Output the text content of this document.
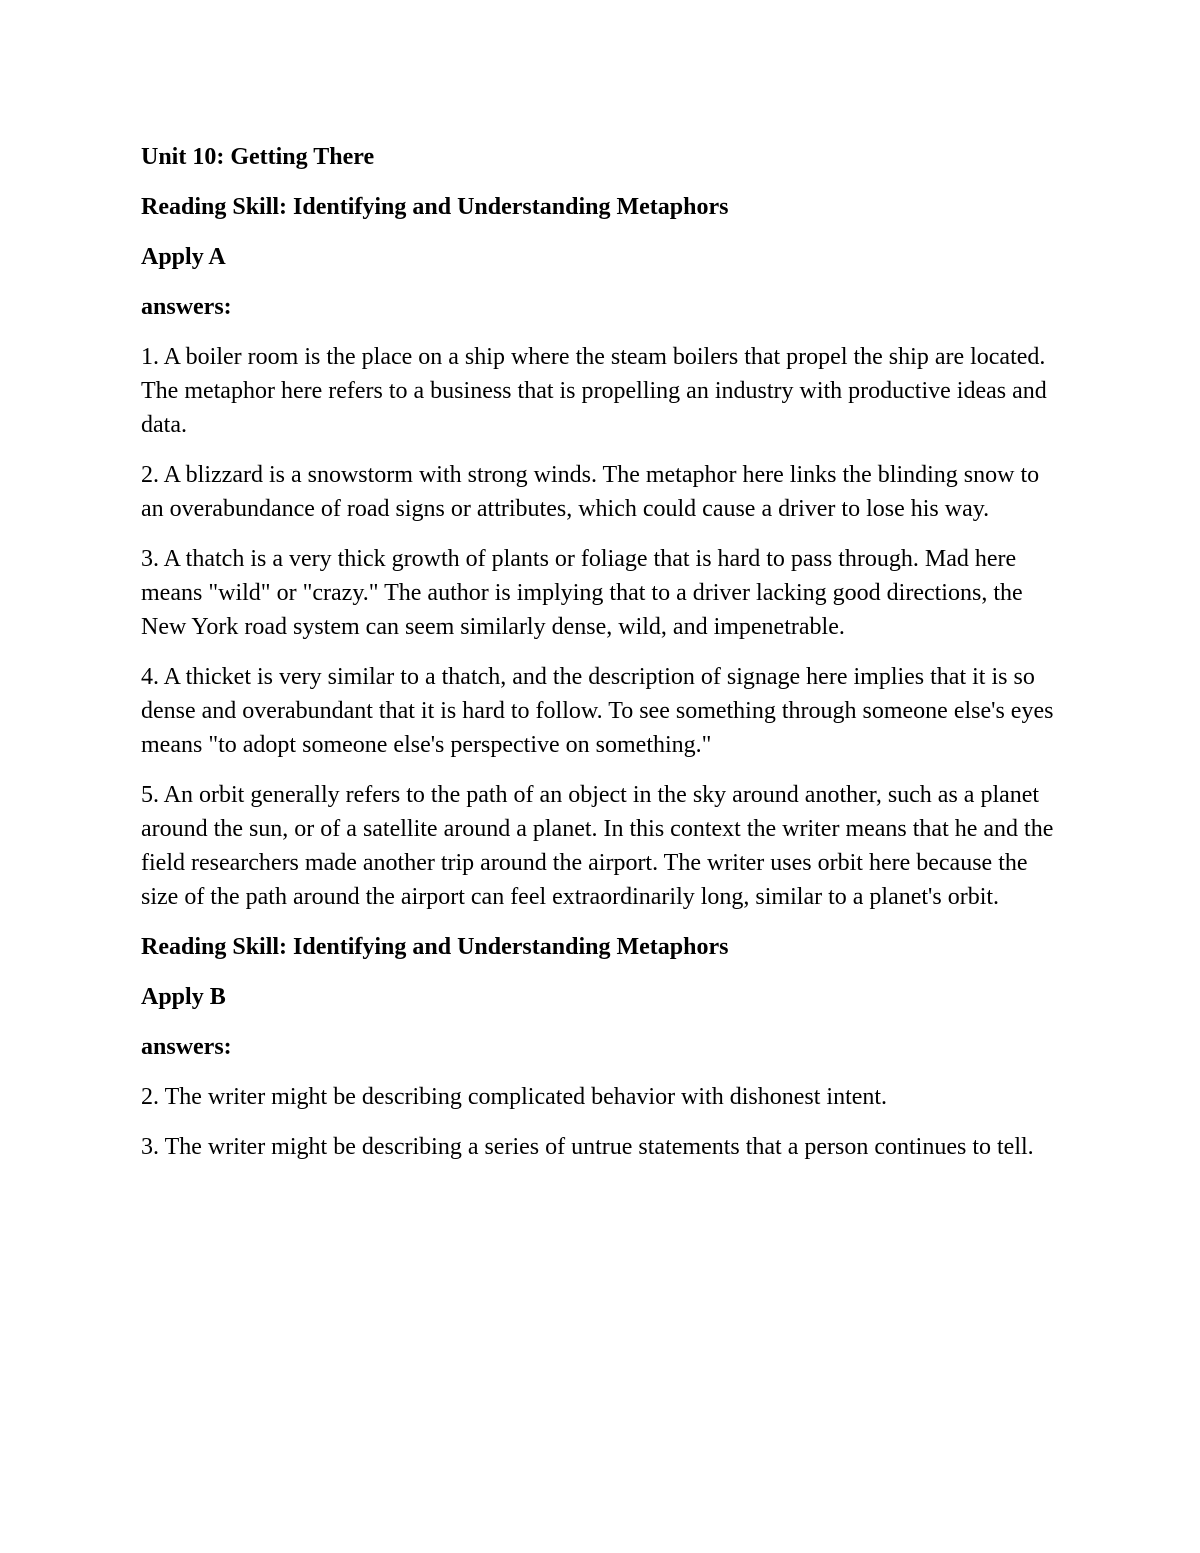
Unit 10: Getting There

Reading Skill: Identifying and Understanding Metaphors

Apply A

answers:

1. A boiler room is the place on a ship where the steam boilers that propel the ship are located. The metaphor here refers to a business that is propelling an industry with productive ideas and data.

2. A blizzard is a snowstorm with strong winds. The metaphor here links the blinding snow to an overabundance of road signs or attributes, which could cause a driver to lose his way.

3. A thatch is a very thick growth of plants or foliage that is hard to pass through. Mad here means "wild" or "crazy." The author is implying that to a driver lacking good directions, the New York road system can seem similarly dense, wild, and impenetrable.

4. A thicket is very similar to a thatch, and the description of signage here implies that it is so dense and overabundant that it is hard to follow. To see something through someone else's eyes means "to adopt someone else's perspective on something."

5. An orbit generally refers to the path of an object in the sky around another, such as a planet around the sun, or of a satellite around a planet. In this context the writer means that he and the field researchers made another trip around the airport. The writer uses orbit here because the size of the path around the airport can feel extraordinarily long, similar to a planet's orbit.

Reading Skill: Identifying and Understanding Metaphors

Apply B

answers:

2. The writer might be describing complicated behavior with dishonest intent.

3. The writer might be describing a series of untrue statements that a person continues to tell.
